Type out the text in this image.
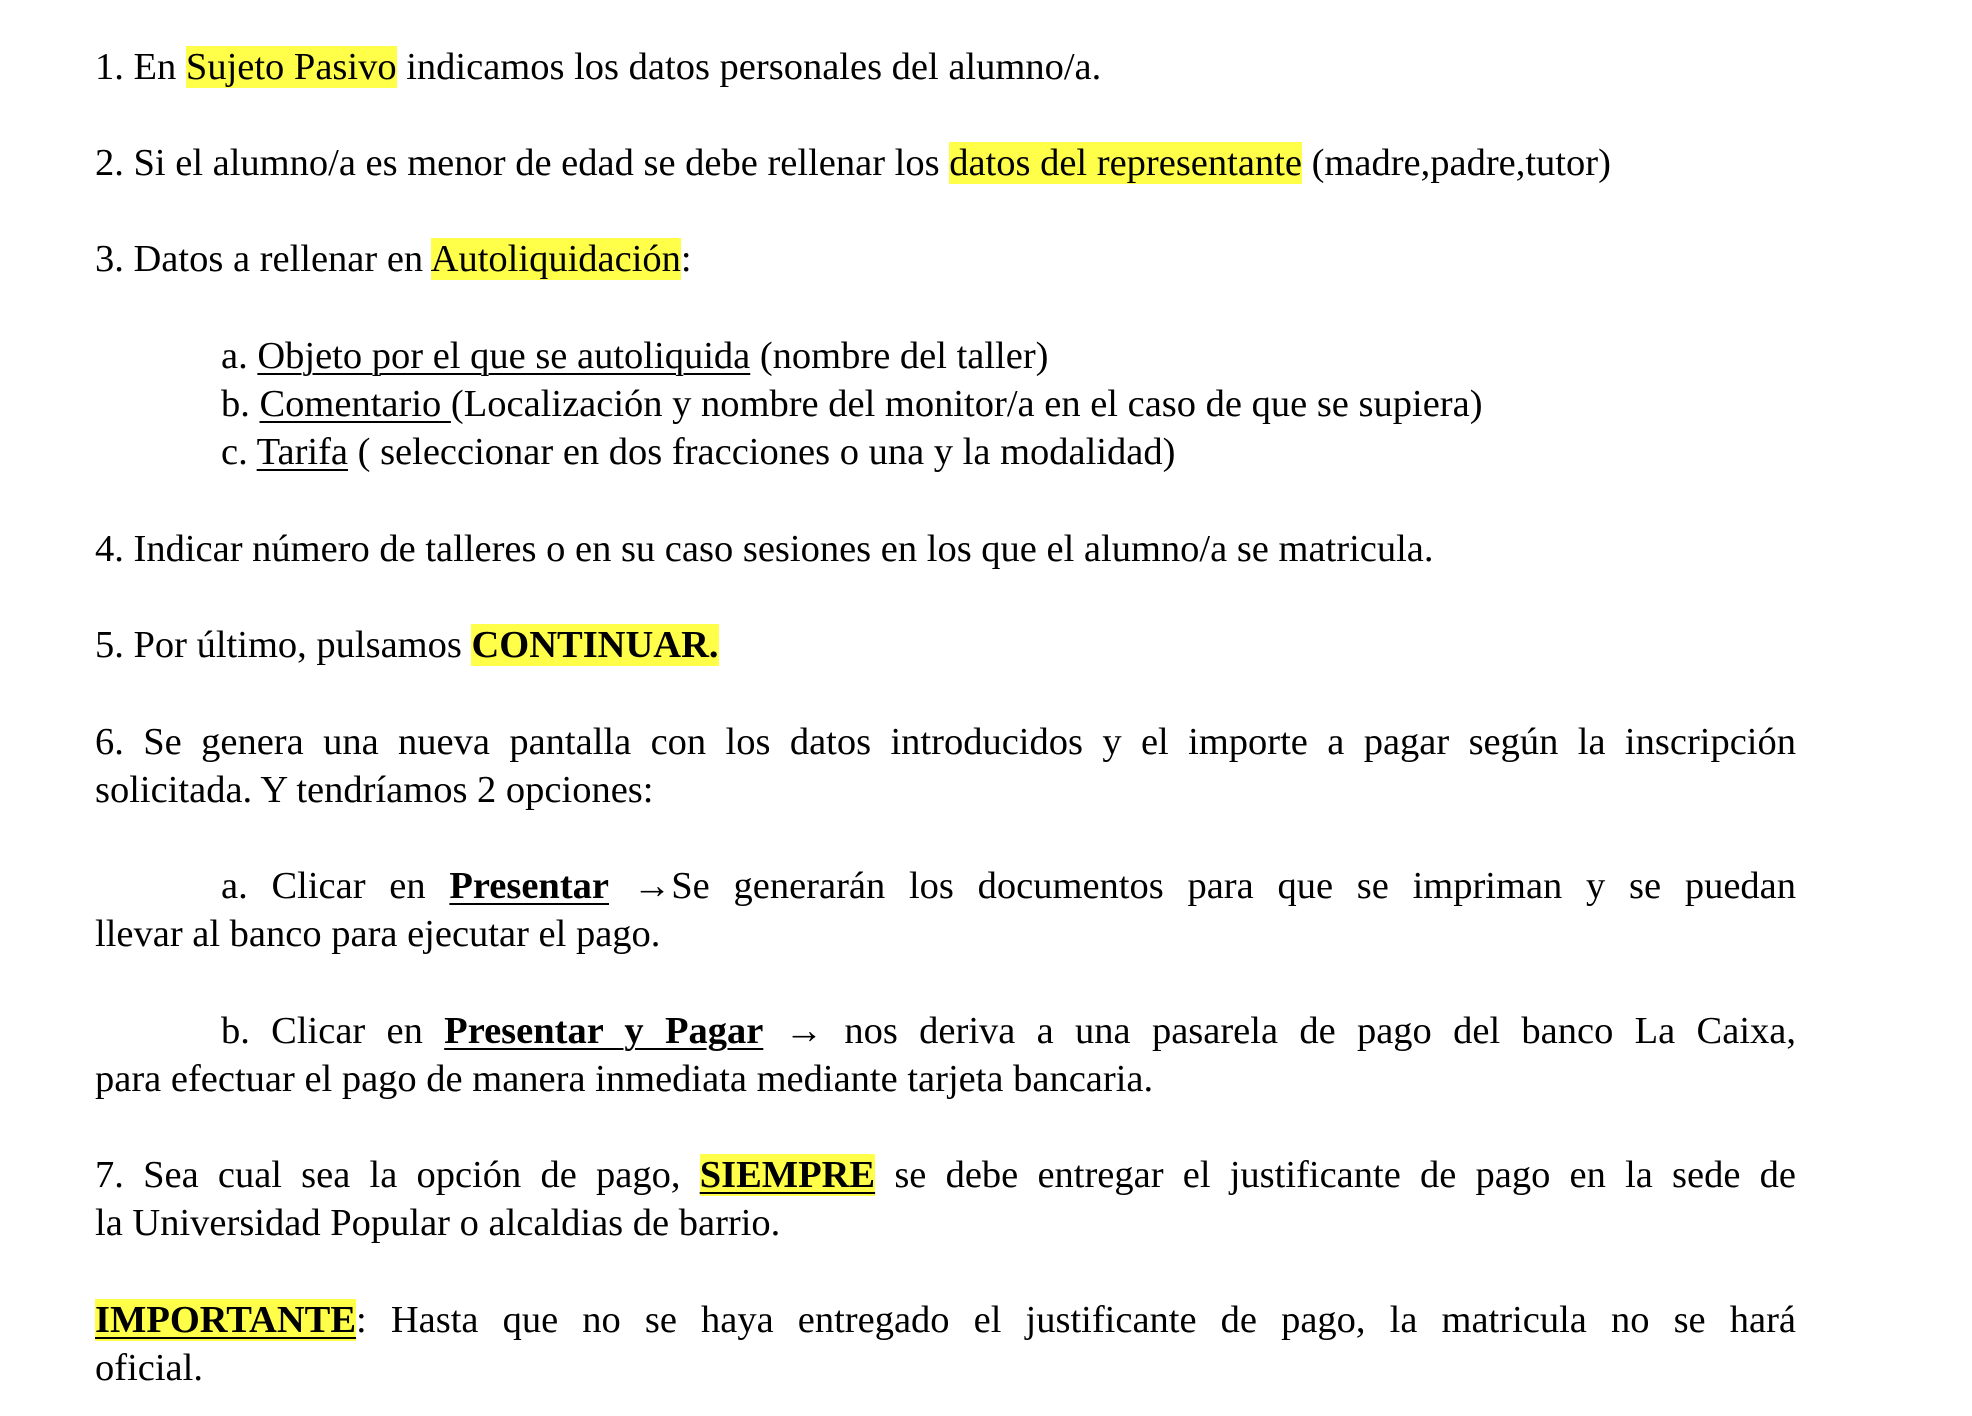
1. En Sujeto Pasivo indicamos los datos personales del alumno/a.
2. Si el alumno/a es menor de edad se debe rellenar los datos del representante (madre,padre,tutor)
3. Datos a rellenar en Autoliquidación:
a. Objeto por el que se autoliquida (nombre del taller)
b. Comentario (Localización y nombre del monitor/a en el caso de que se supiera)
c. Tarifa ( seleccionar en dos fracciones o una y la modalidad)
4. Indicar número de talleres o en su caso sesiones en los que el alumno/a se matricula.
5. Por último, pulsamos CONTINUAR.
6. Se genera una nueva pantalla con los datos introducidos y el importe a pagar según la inscripción
solicitada. Y tendríamos 2 opciones:
a. Clicar en Presentar →Se generarán los documentos para que se impriman y se puedan
llevar al banco para ejecutar el pago.
b. Clicar en Presentar y Pagar → nos deriva a una pasarela de pago del banco La Caixa,
para efectuar el pago de manera inmediata mediante tarjeta bancaria.
7. Sea cual sea la opción de pago, SIEMPRE se debe entregar el justificante de pago en la sede de
la Universidad Popular o alcaldias de barrio.
IMPORTANTE: Hasta que no se haya entregado el justificante de pago, la matricula no se hará
oficial.
